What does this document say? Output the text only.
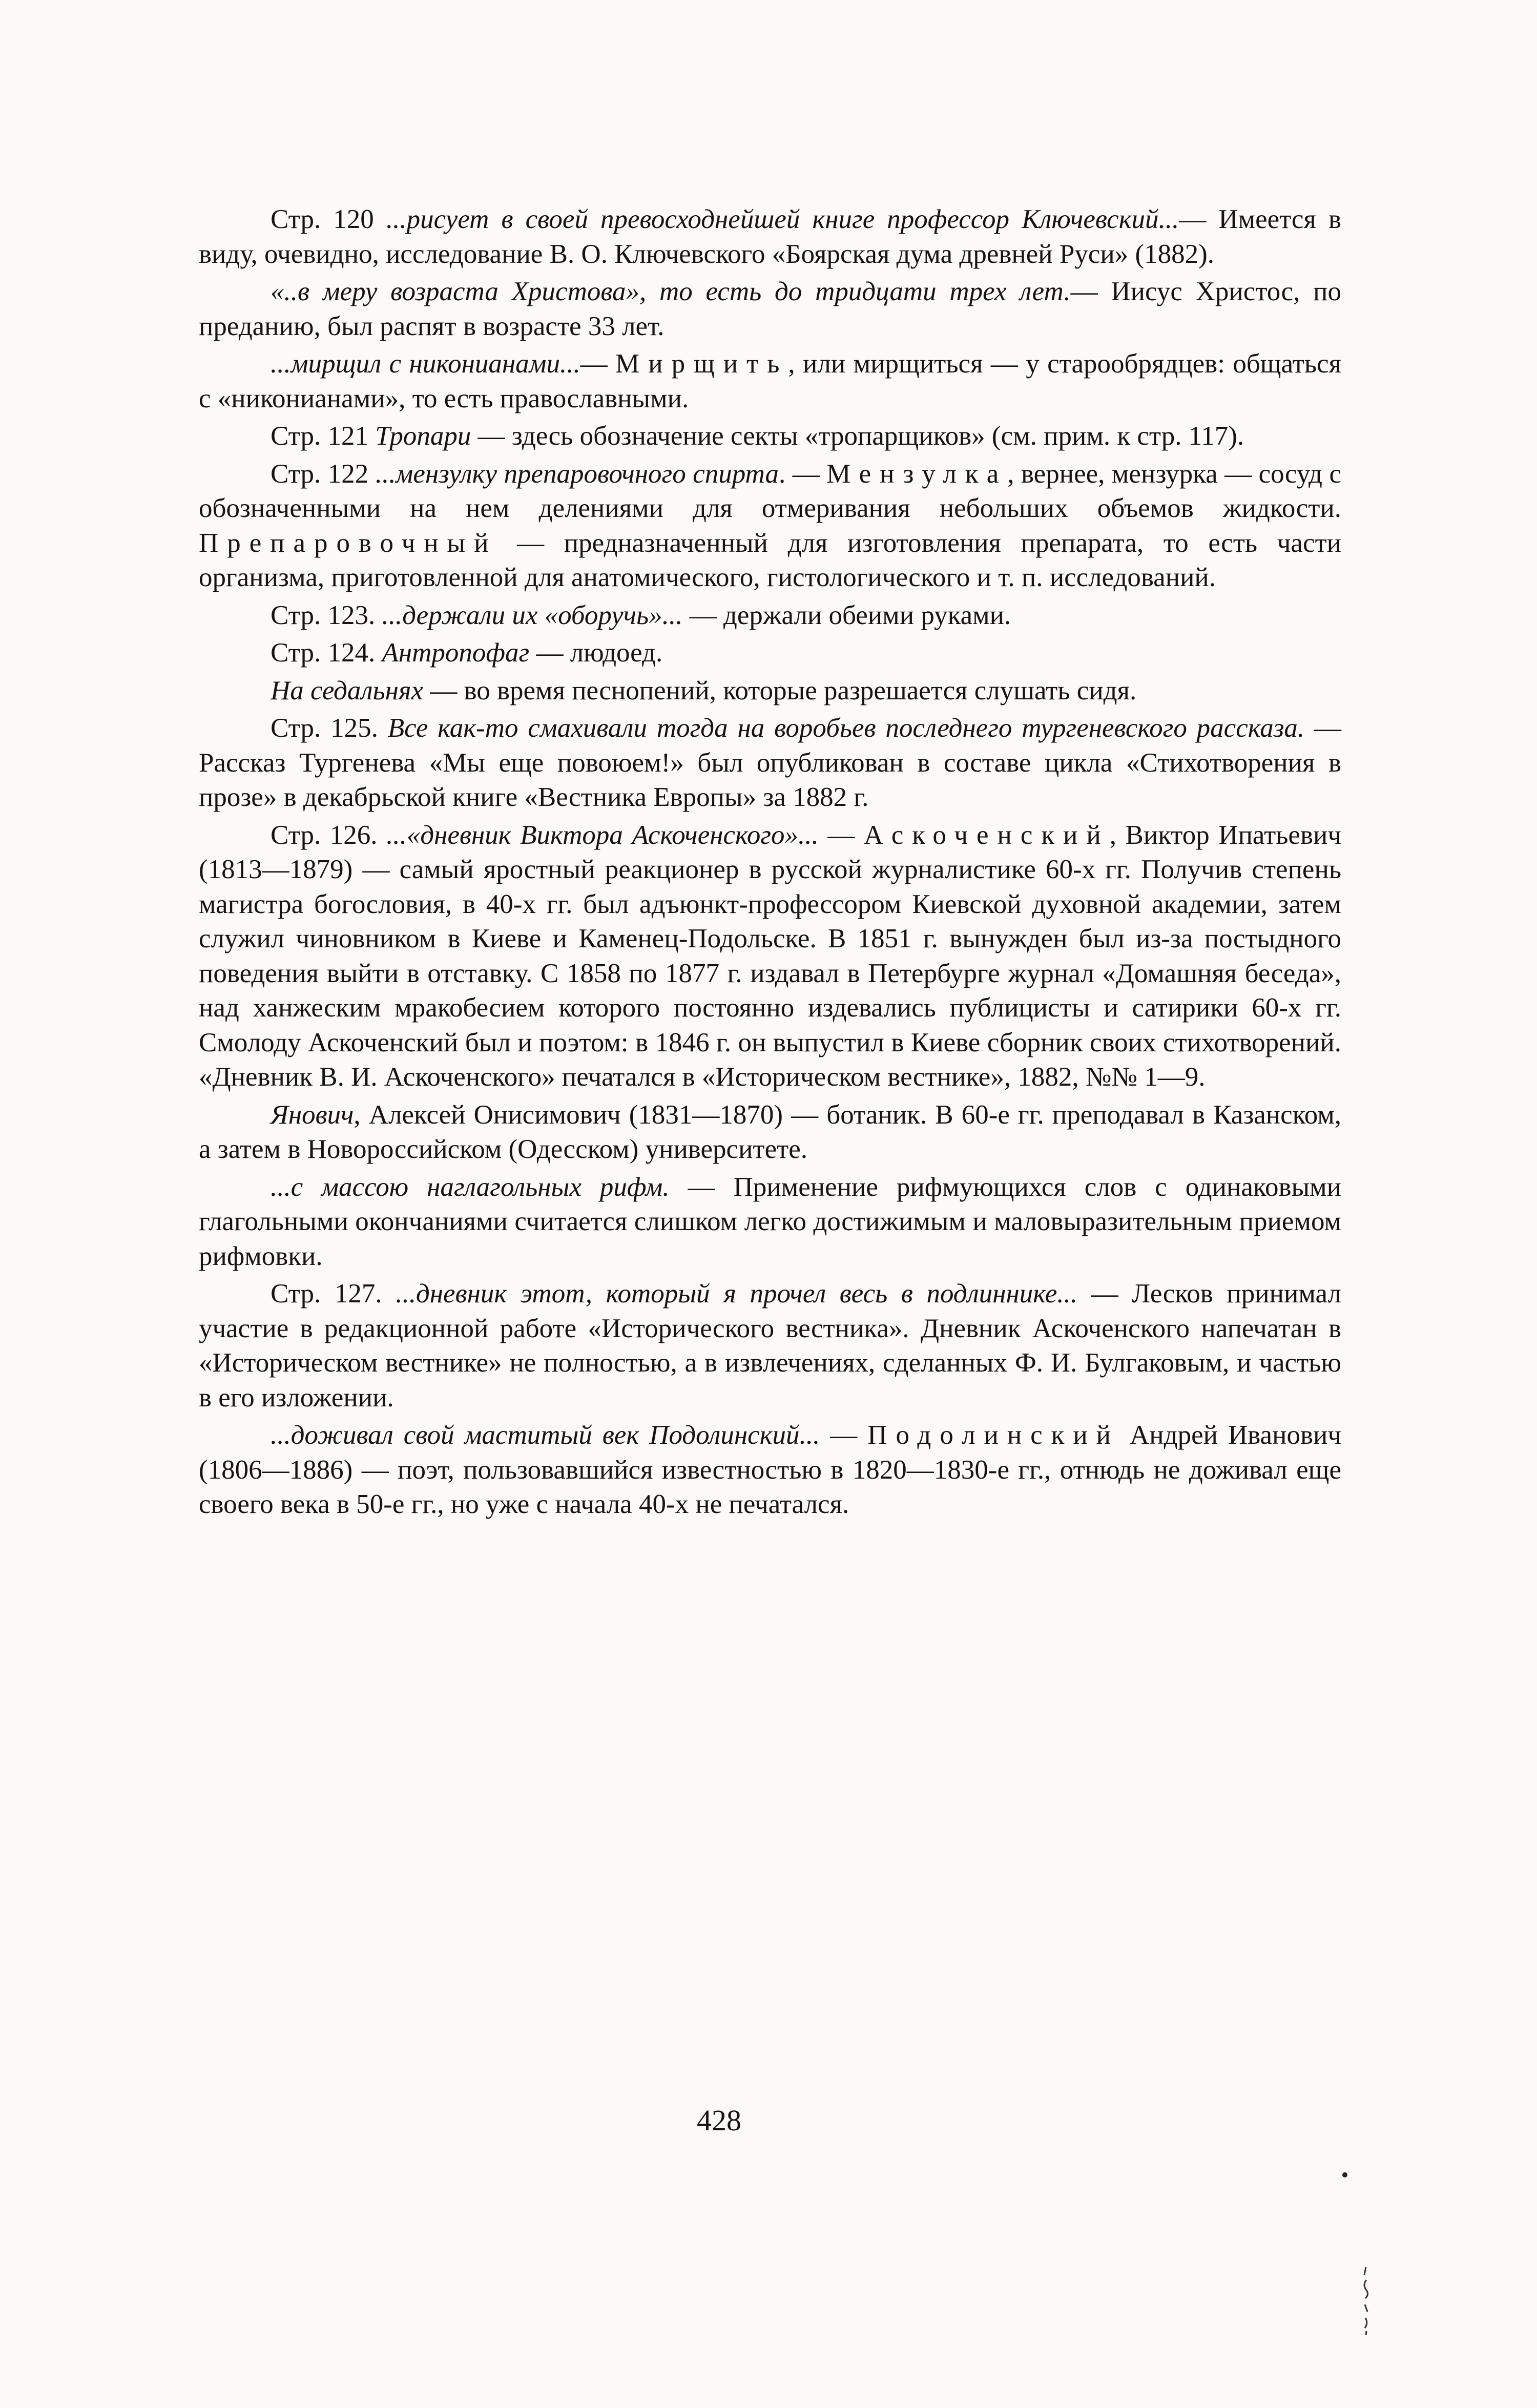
Стр. 120 ...рисует в своей превосходнейшей книге профессор Ключевский...— Имеется в виду, очевидно, исследование В. О. Ключевского «Боярская дума древней Руси» (1882).

«..в меру возраста Христова», то есть до тридцати трех лет.— Иисус Христос, по преданию, был распят в возрасте 33 лет.

...мирщил с никонианами...— Мирщить, или мирщиться — у старообрядцев: общаться с «никонианами», то есть православными.

Стр. 121 Тропари — здесь обозначение секты «тропарщиков» (см. прим. к стр. 117).

Стр. 122 ...мензулку препаровочного спирта. — Мензулка, вернее, мензурка — сосуд с обозначенными на нем делениями для отмеривания небольших объемов жидкости. Препаровочный — предназначенный для изготовления препарата, то есть части организма, приготовленной для анатомического, гистологического и т. п. исследований.

Стр. 123. ...держали их «оборучь»... — держали обеими руками.

Стр. 124. Антропофаг — людоед.

На седальнях — во время песнопений, которые разрешается слушать сидя.

Стр. 125. Все как-то смахивали тогда на воробьев последнего тургеневского рассказа. — Рассказ Тургенева «Мы еще повоюем!» был опубликован в составе цикла «Стихотворения в прозе» в декабрьской книге «Вестника Европы» за 1882 г.

Стр. 126. ...«дневник Виктора Аскоченского»... — Аскоченский, Виктор Ипатьевич (1813—1879) — самый яростный реакционер в русской журналистике 60-х гг. Получив степень магистра богословия, в 40-х гг. был адъюнкт-профессором Киевской духовной академии, затем служил чиновником в Киеве и Каменец-Подольске. В 1851 г. вынужден был из-за постыдного поведения выйти в отставку. С 1858 по 1877 г. издавал в Петербурге журнал «Домашняя беседа», над ханжеским мракобесием которого постоянно издевались публицисты и сатирики 60-х гг. Смолоду Аскоченский был и поэтом: в 1846 г. он выпустил в Киеве сборник своих стихотворений. «Дневник В. И. Аскоченского» печатался в «Историческом вестнике», 1882, №№ 1—9.

Янович, Алексей Онисимович (1831—1870) — ботаник. В 60-е гг. преподавал в Казанском, а затем в Новороссийском (Одесском) университете.

...с массою наглагольных рифм. — Применение рифмующихся слов с одинаковыми глагольными окончаниями считается слишком легко достижимым и маловыразительным приемом рифмовки.

Стр. 127. ...дневник этот, который я прочел весь в подлиннике... — Лесков принимал участие в редакционной работе «Исторического вестника». Дневник Аскоченского напечатан в «Историческом вестнике» не полностью, а в извлечениях, сделанных Ф. И. Булгаковым, и частью в его изложении.

...доживал свой маститый век Подолинский... — Подолинский Андрей Иванович (1806—1886) — поэт, пользовавшийся известностью в 1820—1830-е гг., отнюдь не доживал еще своего века в 50-е гг., но уже с начала 40-х не печатался.

428
